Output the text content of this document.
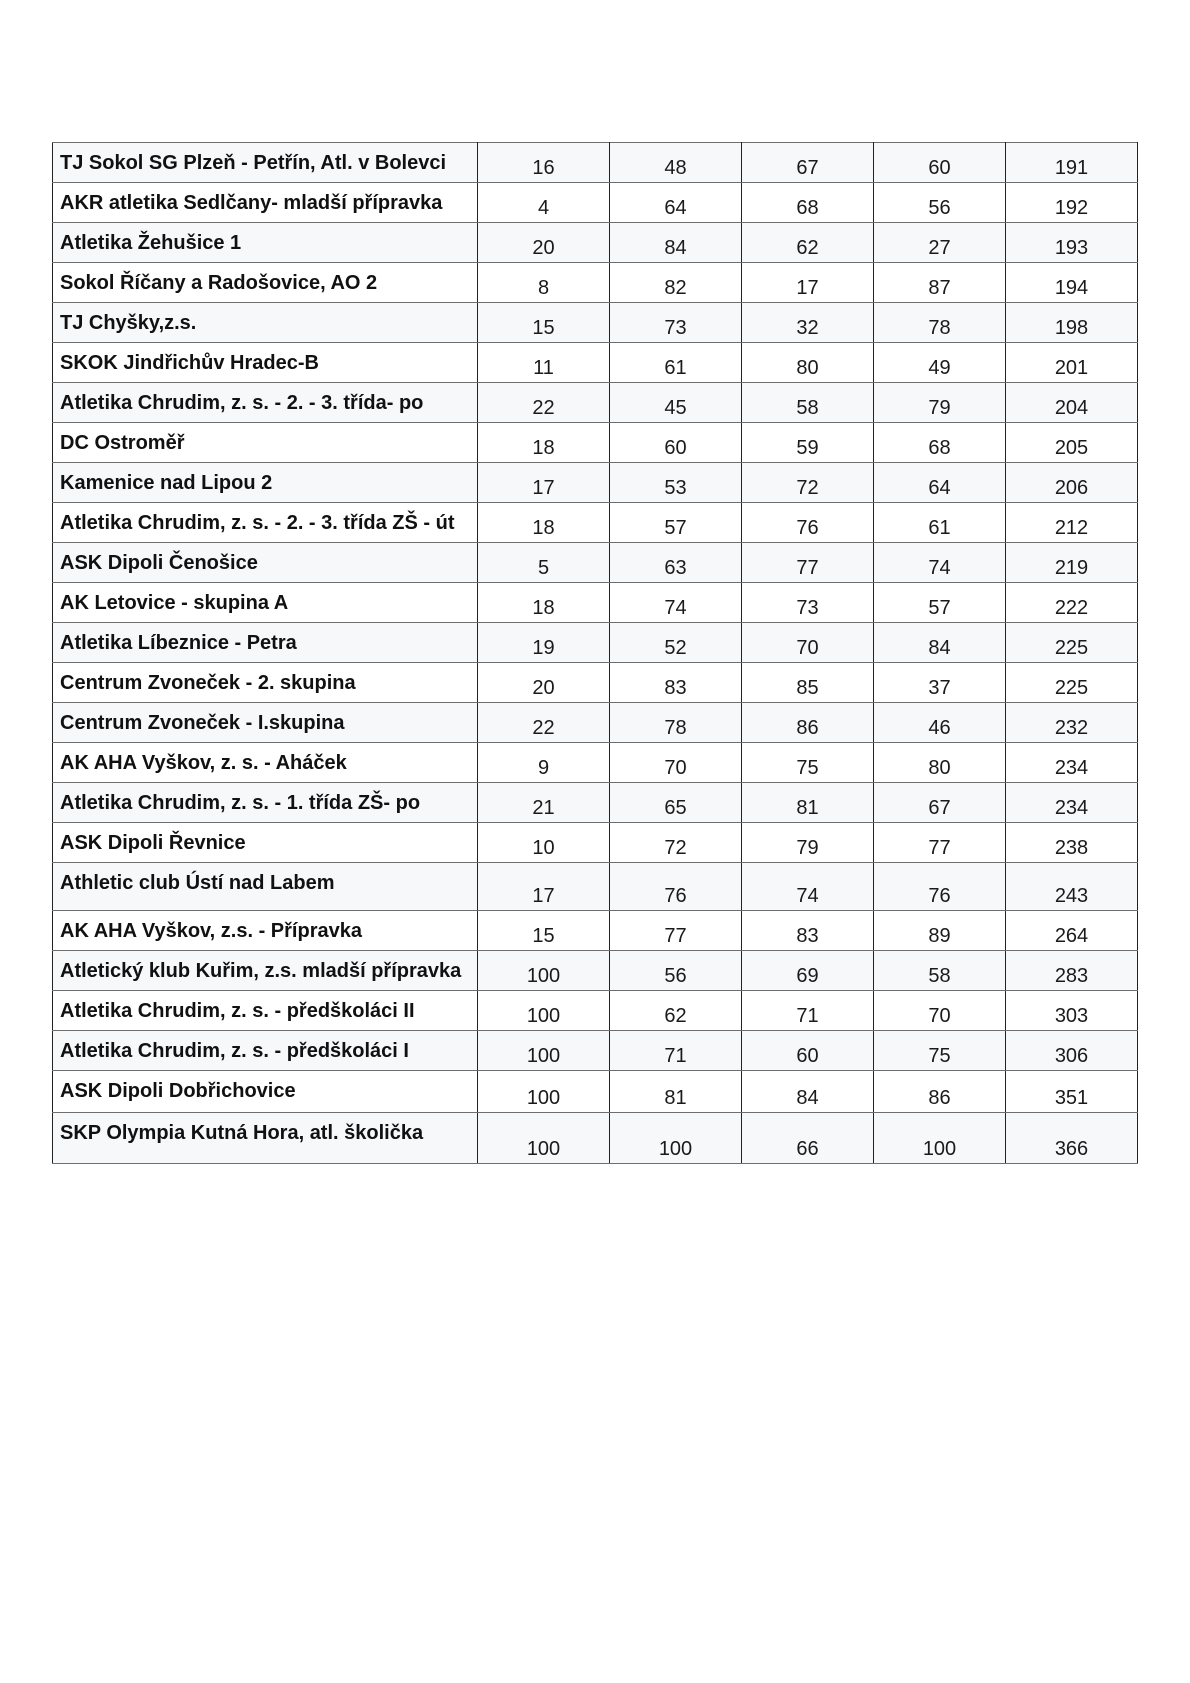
TJ Sokol SG Plzeň - Petřín, Atl. v Bolevci	16	48	67	60	191
AKR atletika Sedlčany- mladší přípravka	4	64	68	56	192
Atletika Žehušice 1	20	84	62	27	193
Sokol Říčany a Radošovice, AO 2	8	82	17	87	194
TJ Chyšky,z.s.	15	73	32	78	198
SKOK Jindřichův Hradec-B	11	61	80	49	201
Atletika Chrudim, z. s. - 2. - 3. třída- po	22	45	58	79	204
DC Ostroměř	18	60	59	68	205
Kamenice nad Lipou 2	17	53	72	64	206
Atletika Chrudim, z. s. - 2. - 3. třída ZŠ - út	18	57	76	61	212
ASK Dipoli Čenošice	5	63	77	74	219
AK Letovice - skupina A	18	74	73	57	222
Atletika Líbeznice - Petra	19	52	70	84	225
Centrum Zvoneček - 2. skupina	20	83	85	37	225
Centrum Zvoneček - I.skupina	22	78	86	46	232
AK AHA Vyškov, z. s. - Aháček	9	70	75	80	234
Atletika Chrudim, z. s. - 1. třída ZŠ- po	21	65	81	67	234
ASK Dipoli Řevnice	10	72	79	77	238
Athletic club Ústí nad Labem	17	76	74	76	243
AK AHA Vyškov, z.s. - Přípravka	15	77	83	89	264
Atletický klub Kuřim, z.s. mladší přípravka	100	56	69	58	283
Atletika Chrudim, z. s. - předškoláci II	100	62	71	70	303
Atletika Chrudim, z. s. - předškoláci I	100	71	60	75	306
ASK Dipoli Dobřichovice	100	81	84	86	351
SKP Olympia Kutná Hora, atl. školička	100	100	66	100	366
